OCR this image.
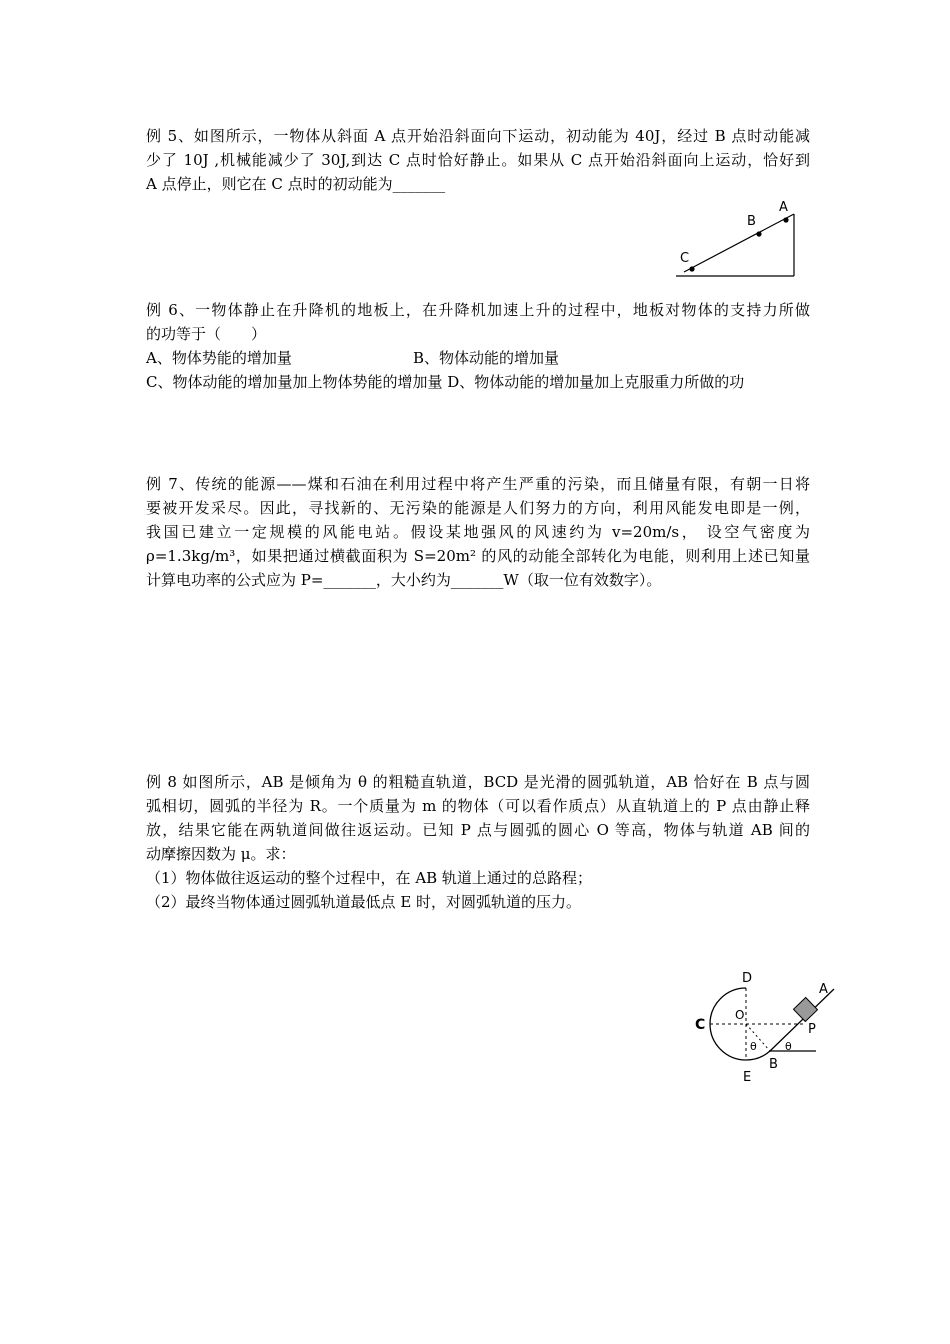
例 5、如图所示，一物体从斜面 A 点开始沿斜面向下运动，初动能为 40J，经过 B 点时动能减
少了 10J ,机械能减少了 30J,到达 C 点时恰好静止。如果从 C 点开始沿斜面向上运动，恰好到
A 点停止，则它在 C 点时的初动能为_______
C
B
A
例 6、一物体静止在升降机的地板上，在升降机加速上升的过程中，地板对物体的支持力所做
的功等于（　　）
A、物体势能的增加量	B、物体动能的增加量
C、物体动能的增加量加上物体势能的增加量 D、物体动能的增加量加上克服重力所做的功
例 7、传统的能源——煤和石油在利用过程中将产生严重的污染，而且储量有限，有朝一日将
要被开发采尽。因此，寻找新的、无污染的能源是人们努力的方向，利用风能发电即是一例，
我国已建立一定规模的风能电站。假设某地强风的风速约为 v=20m/s， 设空气密度为
ρ=1.3kg/m³，如果把通过横截面积为 S=20m² 的风的动能全部转化为电能，则利用上述已知量
计算电功率的公式应为 P=_______，大小约为_______W（取一位有效数字）。
例 8 如图所示，AB 是倾角为 θ 的粗糙直轨道，BCD 是光滑的圆弧轨道，AB 恰好在 B 点与圆
弧相切，圆弧的半径为 R。一个质量为 m 的物体（可以看作质点）从直轨道上的 P 点由静止释
放，结果它能在两轨道间做往返运动。已知 P 点与圆弧的圆心 O 等高，物体与轨道 AB 间的
动摩擦因数为 μ。求：
（1）物体做往返运动的整个过程中，在 AB 轨道上通过的总路程；
（2）最终当物体通过圆弧轨道最低点 E 时，对圆弧轨道的压力。
D
A
C
O
P
θ	θ
E
B
